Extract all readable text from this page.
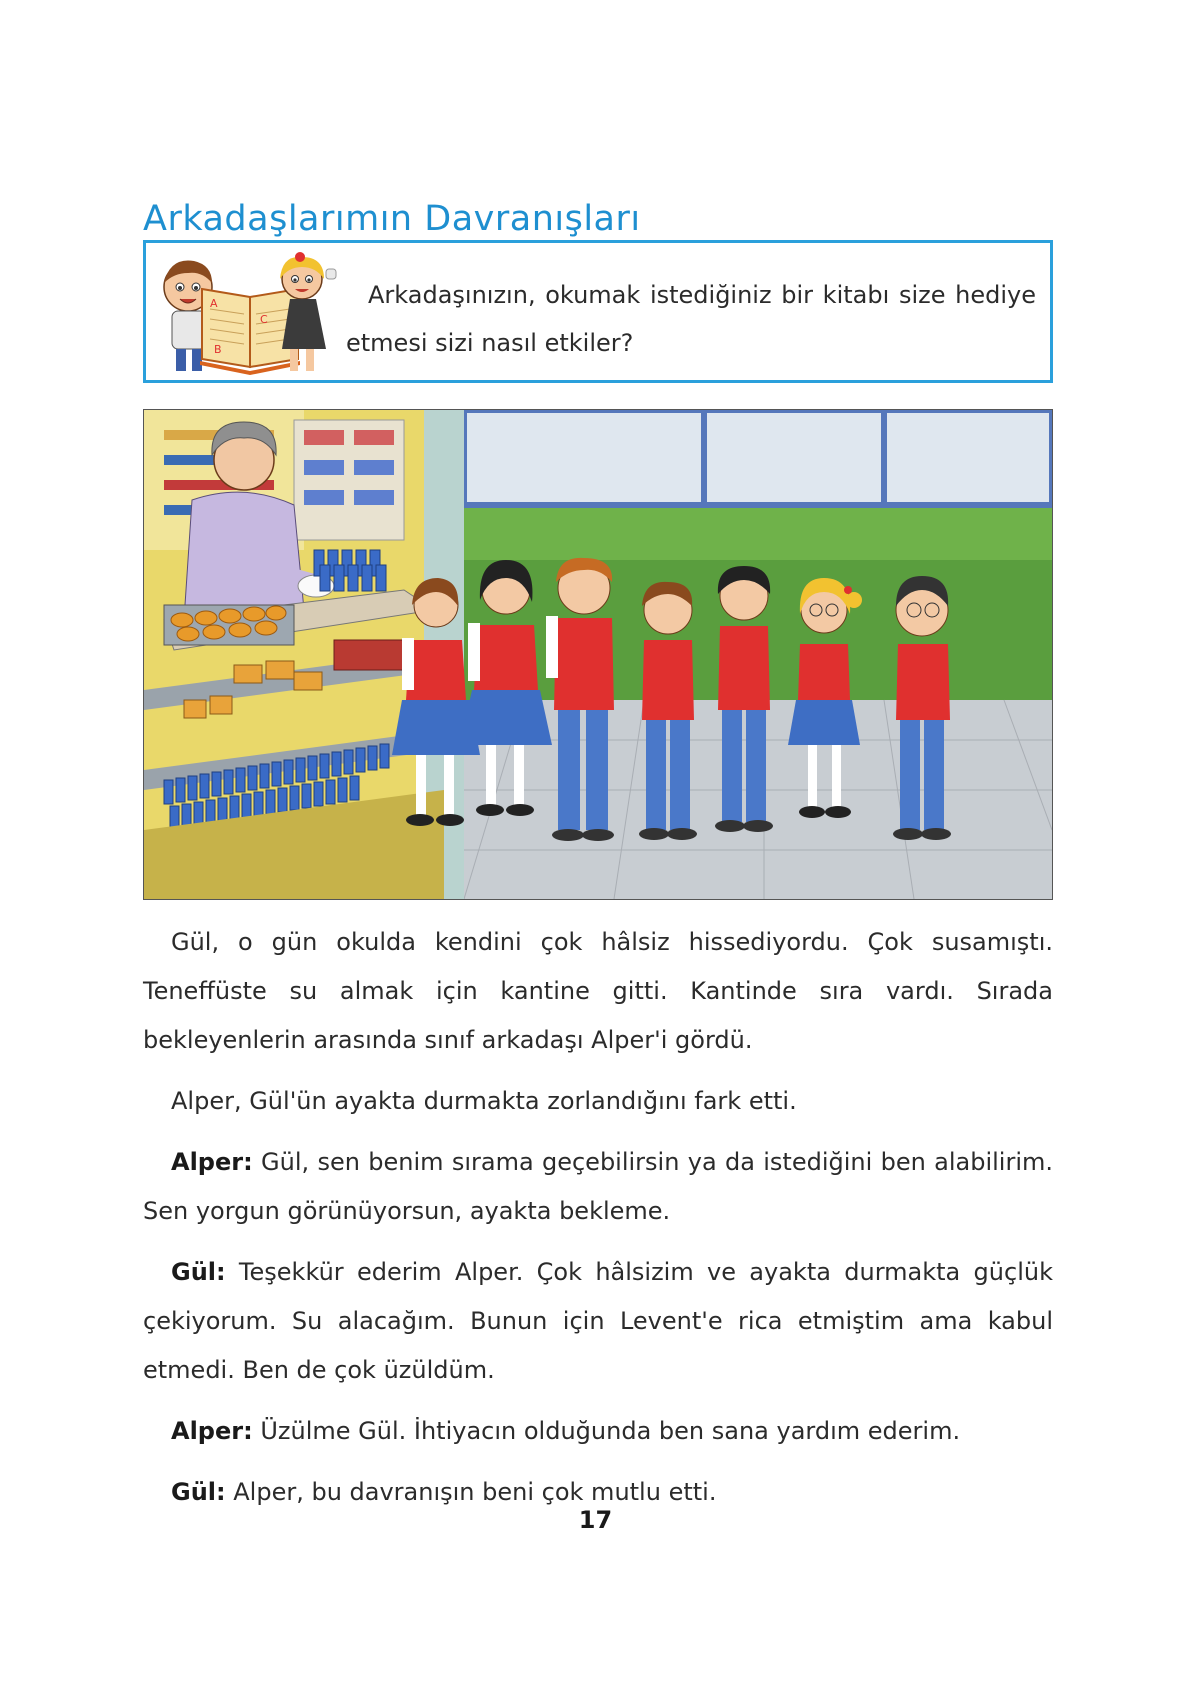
Arkadaşlarımın Davranışları
A
C
B
Arkadaşınızın, okumak istediğiniz bir kitabı size hediye etmesi sizi nasıl etkiler?

Gül, o gün okulda kendini çok hâlsiz hissediyordu. Çok susamıştı. Teneffüste su almak için kantine gitti. Kantinde sıra vardı. Sırada bekleyenlerin arasında sınıf arkadaşı Alper'i gördü.

Alper, Gül'ün ayakta durmakta zorlandığını fark etti.

Alper: Gül, sen benim sırama geçebilirsin ya da istediğini ben alabilirim. Sen yorgun görünüyorsun, ayakta bekleme.

Gül: Teşekkür ederim Alper. Çok hâlsizim ve ayakta durmakta güçlük çekiyorum. Su alacağım. Bunun için Levent'e rica etmiştim ama kabul etmedi. Ben de çok üzüldüm.

Alper: Üzülme Gül. İhtiyacın olduğunda ben sana yardım ederim.

Gül: Alper, bu davranışın beni çok mutlu etti.

17
